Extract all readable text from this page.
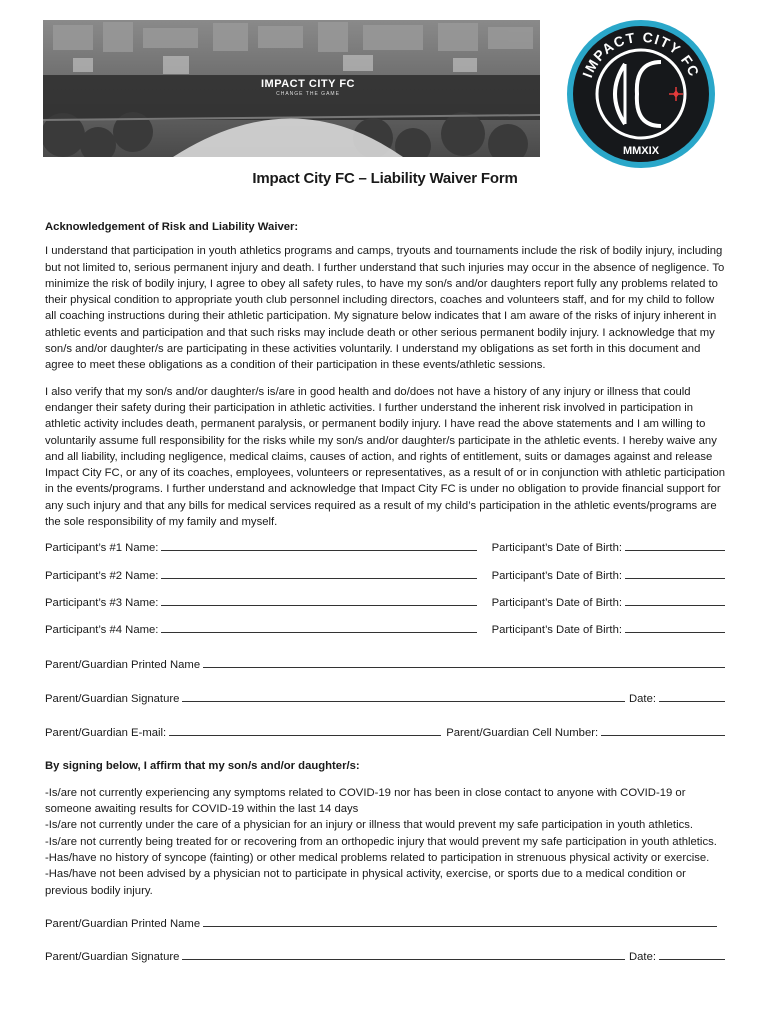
IMPACT CITY FC
CHANGE THE GAME
IMPACT CITY FC
MMXIX
Impact City FC – Liability Waiver Form

Acknowledgement of Risk and Liability Waiver:

I understand that participation in youth athletics programs and camps, tryouts and tournaments include the risk of bodily injury, including but not limited to, serious permanent injury and death. I further understand that such injuries may occur in the absence of negligence. To minimize the risk of bodily injury, I agree to obey all safety rules, to have my son/s and/or daughters report fully any problems related to their physical condition to appropriate youth club personnel including directors, coaches and volunteers staff, and for my child to follow all coaching instructions during their athletic participation. My signature below indicates that I am aware of the risks of injury inherent in athletic events and participation and that such risks may include death or other serious permanent bodily injury. I acknowledge that my son/s and/or daughter/s are participating in these activities voluntarily. I understand my obligations as set forth in this document and agree to meet these obligations as a condition of their participation in these events/athletic sessions.

I also verify that my son/s and/or daughter/s is/are in good health and do/does not have a history of any injury or illness that could endanger their safety during their participation in athletic activities. I further understand the inherent risk involved in participation in athletic activity includes death, permanent paralysis, or permanent bodily injury. I have read the above statements and I am willing to voluntarily assume full responsibility for the risks while my son/s and/or daughter/s participate in the athletic events. I hereby waive any and all liability, including negligence, medical claims, causes of action, and rights of entitlement, suits or damages against and release Impact City FC, or any of its coaches, employees, volunteers or representatives, as a result of or in conjunction with athletic participation in the events/programs. I further understand and acknowledge that Impact City FC is under no obligation to provide financial support for any such injury and that any bills for medical services required as a result of my child’s participation in the athletic events/programs are the sole responsibility of my family and myself.

Participant’s #1 Name:	Participant’s Date of Birth:
Participant’s #2 Name:	Participant’s Date of Birth:
Participant’s #3 Name:	Participant’s Date of Birth:
Participant’s #4 Name:	Participant’s Date of Birth:
Parent/Guardian Printed Name
Parent/Guardian Signature	Date:
Parent/Guardian E-mail:	Parent/Guardian Cell Number:

By signing below, I affirm that my son/s and/or daughter/s:

-Is/are not currently experiencing any symptoms related to COVID-19 nor has been in close contact to anyone with COVID-19 or someone awaiting results for COVID-19 within the last 14 days

-Is/are not currently under the care of a physician for an injury or illness that would prevent my safe participation in youth athletics.

-Is/are not currently being treated for or recovering from an orthopedic injury that would prevent my safe participation in youth athletics.

-Has/have no history of syncope (fainting) or other medical problems related to participation in strenuous physical activity or exercise.

-Has/have not been advised by a physician not to participate in physical activity, exercise, or sports due to a medical condition or previous bodily injury.

Parent/Guardian Printed Name
Parent/Guardian Signature	Date:
